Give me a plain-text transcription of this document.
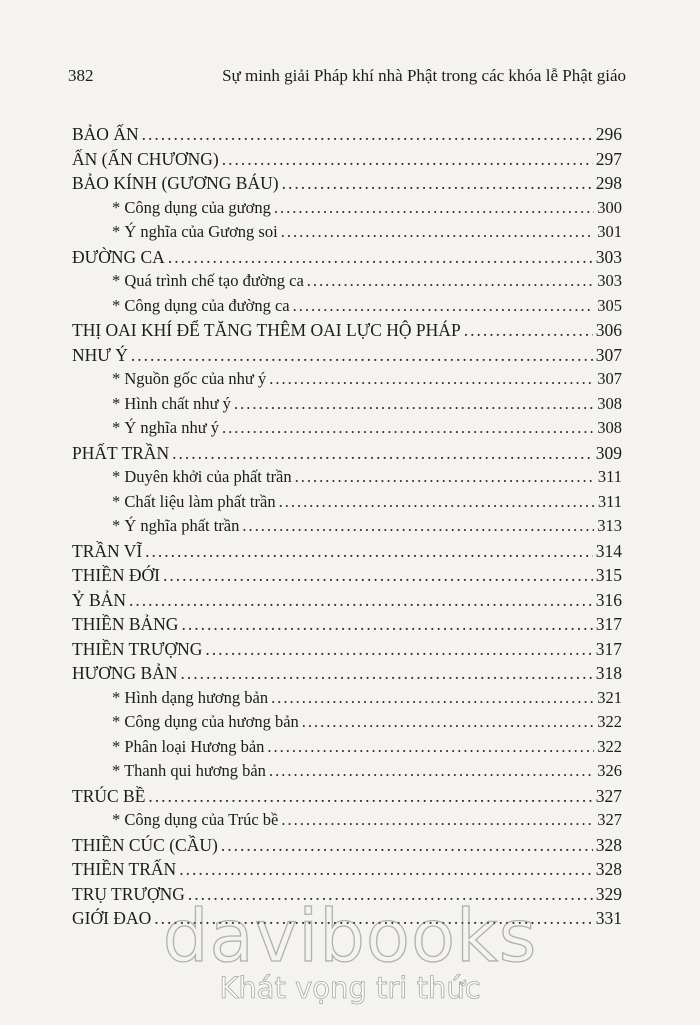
382	Sự minh giải Pháp khí nhà Phật trong các khóa lễ Phật giáo
BẢO ẤN .....	296
ẤN (ẤN CHƯƠNG) .....	297
BẢO KÍNH (GƯƠNG BÁU) .....	298
* Công dụng của gương .....	300
* Ý nghĩa của Gương soi .....	301
ĐƯỜNG CA .....	303
* Quá trình chế tạo đường ca .....	303
* Công dụng của đường ca .....	305
THỊ OAI KHÍ ĐỂ TĂNG THÊM OAI LỰC HỘ PHÁP .....	306
NHƯ Ý .....	307
* Nguồn gốc của như ý .....	307
* Hình chất như ý .....	308
* Ý nghĩa như ý .....	308
PHẤT TRẦN .....	309
* Duyên khởi của phất trần .....	311
* Chất liệu làm phất trần .....	311
* Ý nghĩa phất trần .....	313
TRẦN VĨ .....	314
THIỀN ĐỚI .....	315
Ỷ BẢN .....	316
THIỀN BẢNG .....	317
THIỀN TRƯỢNG .....	317
HƯƠNG BẢN .....	318
* Hình dạng hương bản .....	321
* Công dụng của hương bản .....	322
* Phân loại Hương bản .....	322
* Thanh qui hương bản .....	326
TRÚC BỀ .....	327
* Công dụng của Trúc bề .....	327
THIỀN CÚC (CẦU) .....	328
THIỀN TRẤN .....	328
TRỤ TRƯỢNG .....	329
GIỚI ĐAO .....	331
davibooks
Khát vọng tri thức
